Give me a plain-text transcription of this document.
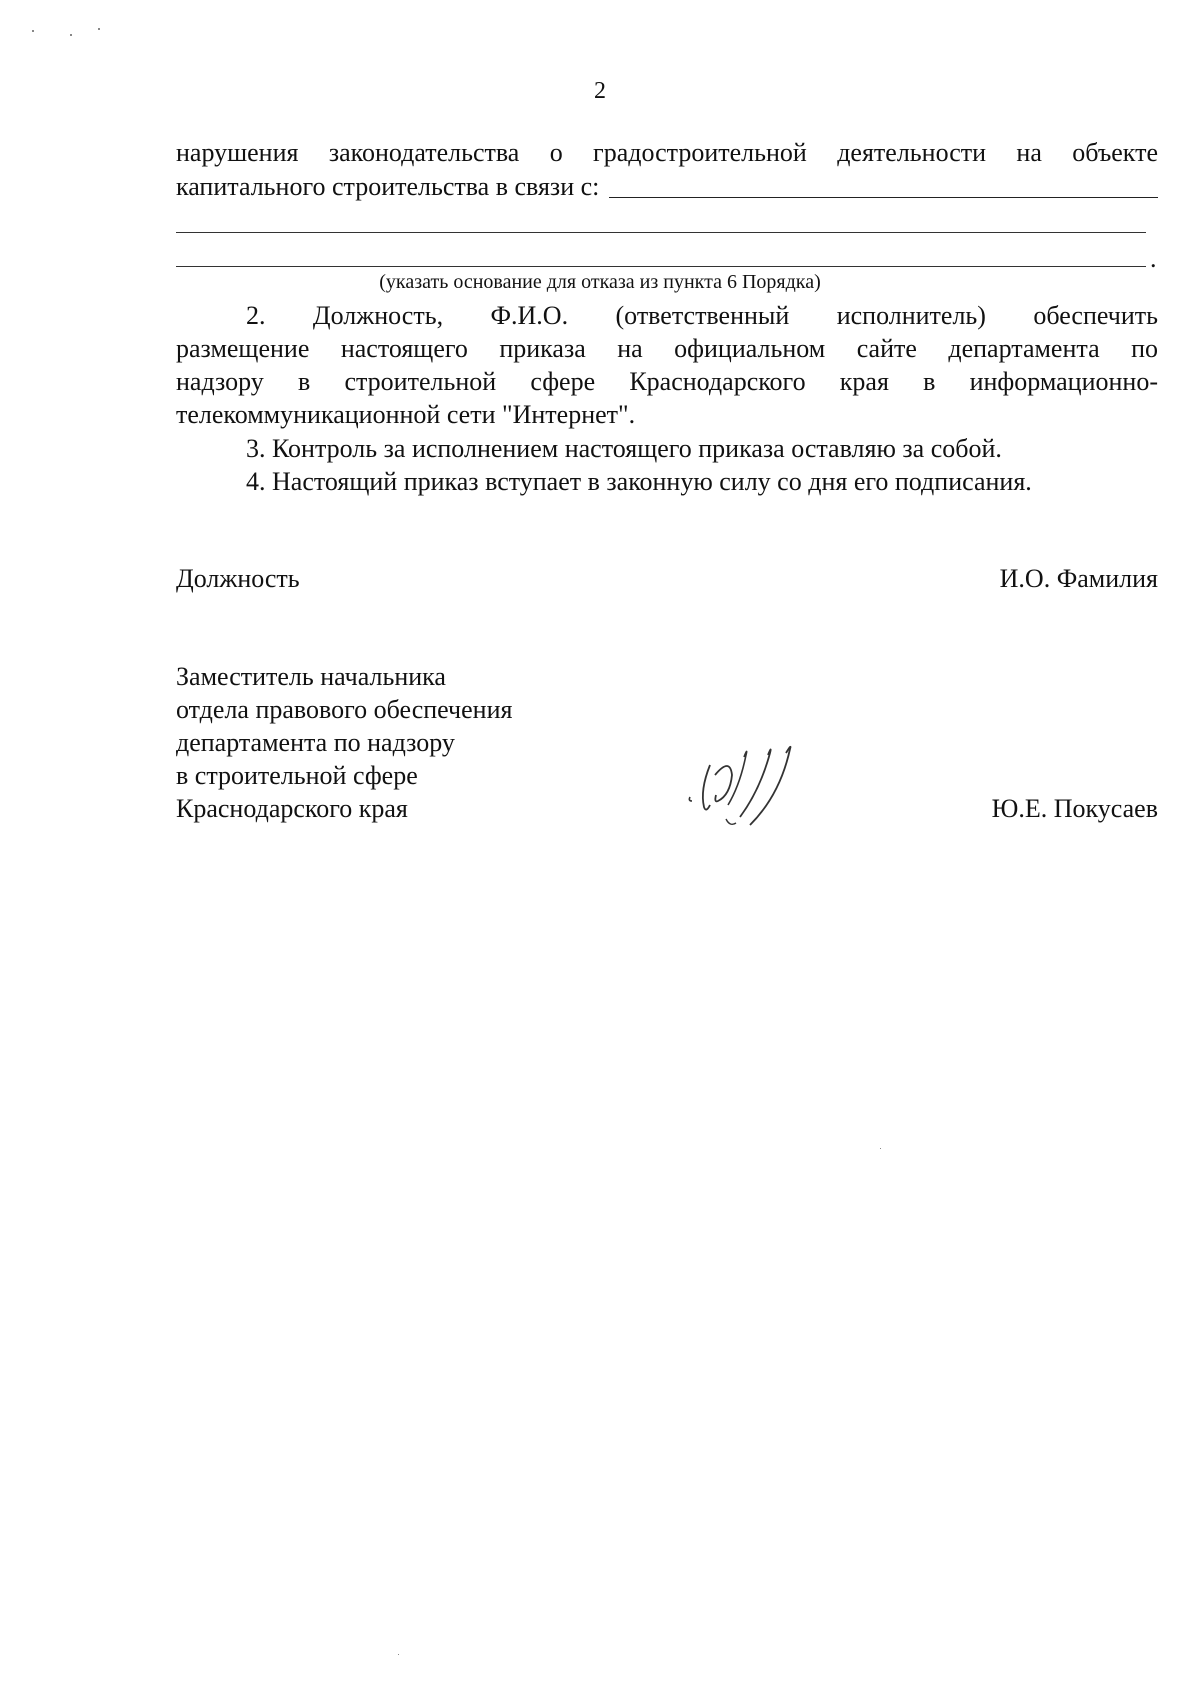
2
нарушения законодательства о градостроительной деятельности на объекте
капитального строительства в связи с:
.
(указать основание для отказа из пункта 6 Порядка)
2. Должность, Ф.И.О. (ответственный исполнитель) обеспечить
размещение настоящего приказа на официальном сайте департамента по
надзору в строительной сфере Краснодарского края в информационно-
телекоммуникационной сети "Интернет".
3. Контроль за исполнением настоящего приказа оставляю за собой.
4. Настоящий приказ вступает в законную силу со дня его подписания.
Должность	И.О. Фамилия
Заместитель начальника
отдела правового обеспечения
департамента по надзору
в строительной сфере
Краснодарского края	Ю.Е. Покусаев
